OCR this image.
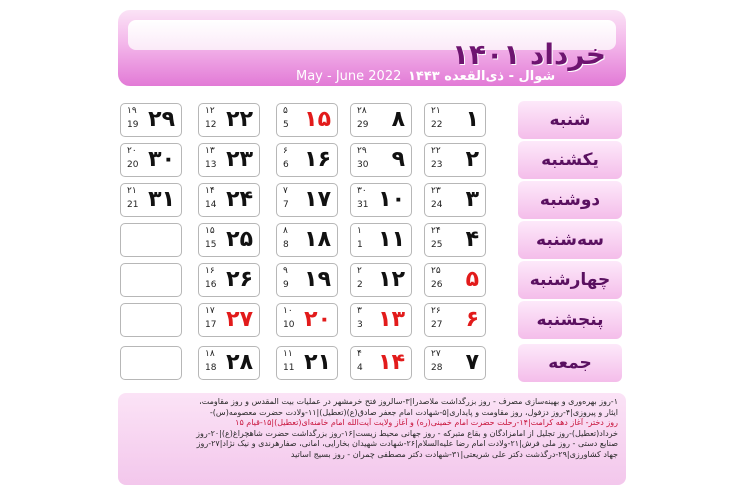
خرداد ۱۴۰۱
شوال - ذی‌القعده ۱۴۴۳
May - June 2022
شنبه
یکشنبه
دوشنبه
سه‌شنبه
چهارشنبه
پنجشنبه
جمعه
۱
۲۱
22
۲
۲۲
23
۳
۲۳
24
۴
۲۴
25
۵
۲۵
26
۶
۲۶
27
۷
۲۷
28
۸
۲۸
29
۹
۲۹
30
۱۰
۳۰
31
۱۱
۱
1
۱۲
۲
2
۱۳
۳
3
۱۴
۴
4
۱۵
۵
5
۱۶
۶
6
۱۷
۷
7
۱۸
۸
8
۱۹
۹
9
۲۰
۱۰
10
۲۱
۱۱
11
۲۲
۱۲
12
۲۳
۱۳
13
۲۴
۱۴
14
۲۵
۱۵
15
۲۶
۱۶
16
۲۷
۱۷
17
۲۸
۱۸
18
۲۹
۱۹
19
۳۰
۲۰
20
۳۱
۲۱
21
۱-روز بهره‌وری و بهینه‌سازی مصرف - روز بزرگداشت ملاصدرا|۳-سالروز فتح خرمشهر در عملیات بیت المقدس و روز مقاومت،
ایثار و پیروزی|۴-روز دزفول، روز مقاومت و پایداری|۵-شهادت امام جعفر صادق(ع)(تعطیل)|۱۱-ولادت حضرت معصومه(س)-
روز دختر- آغاز دهه کرامت|۱۴-رحلت حضرت امام خمینی(ره) و آغاز ولایت آیت‌الله امام خامنه‌ای(تعطیل)|۱۵-قیام ۱۵
خرداد(تعطیل)-روز تجلیل از امامزادگان و بقاع متبرکه - روز جهانی محیط زیست|۱۶-روز بزرگداشت حضرت شاهچراغ(ع)|۲۰-روز
صنایع دستی - روز ملی فرش|۲۱-ولادت امام رضا علیه‌السلام|۲۶-شهادت شهیدان بخارایی، امانی، صفارهرندی و نیک نژاد|۲۷-روز
جهاد کشاورزی|۲۹-درگذشت دکتر علی شریعتی|۳۱-شهادت دکتر مصطفی چمران - روز بسیج اساتید
